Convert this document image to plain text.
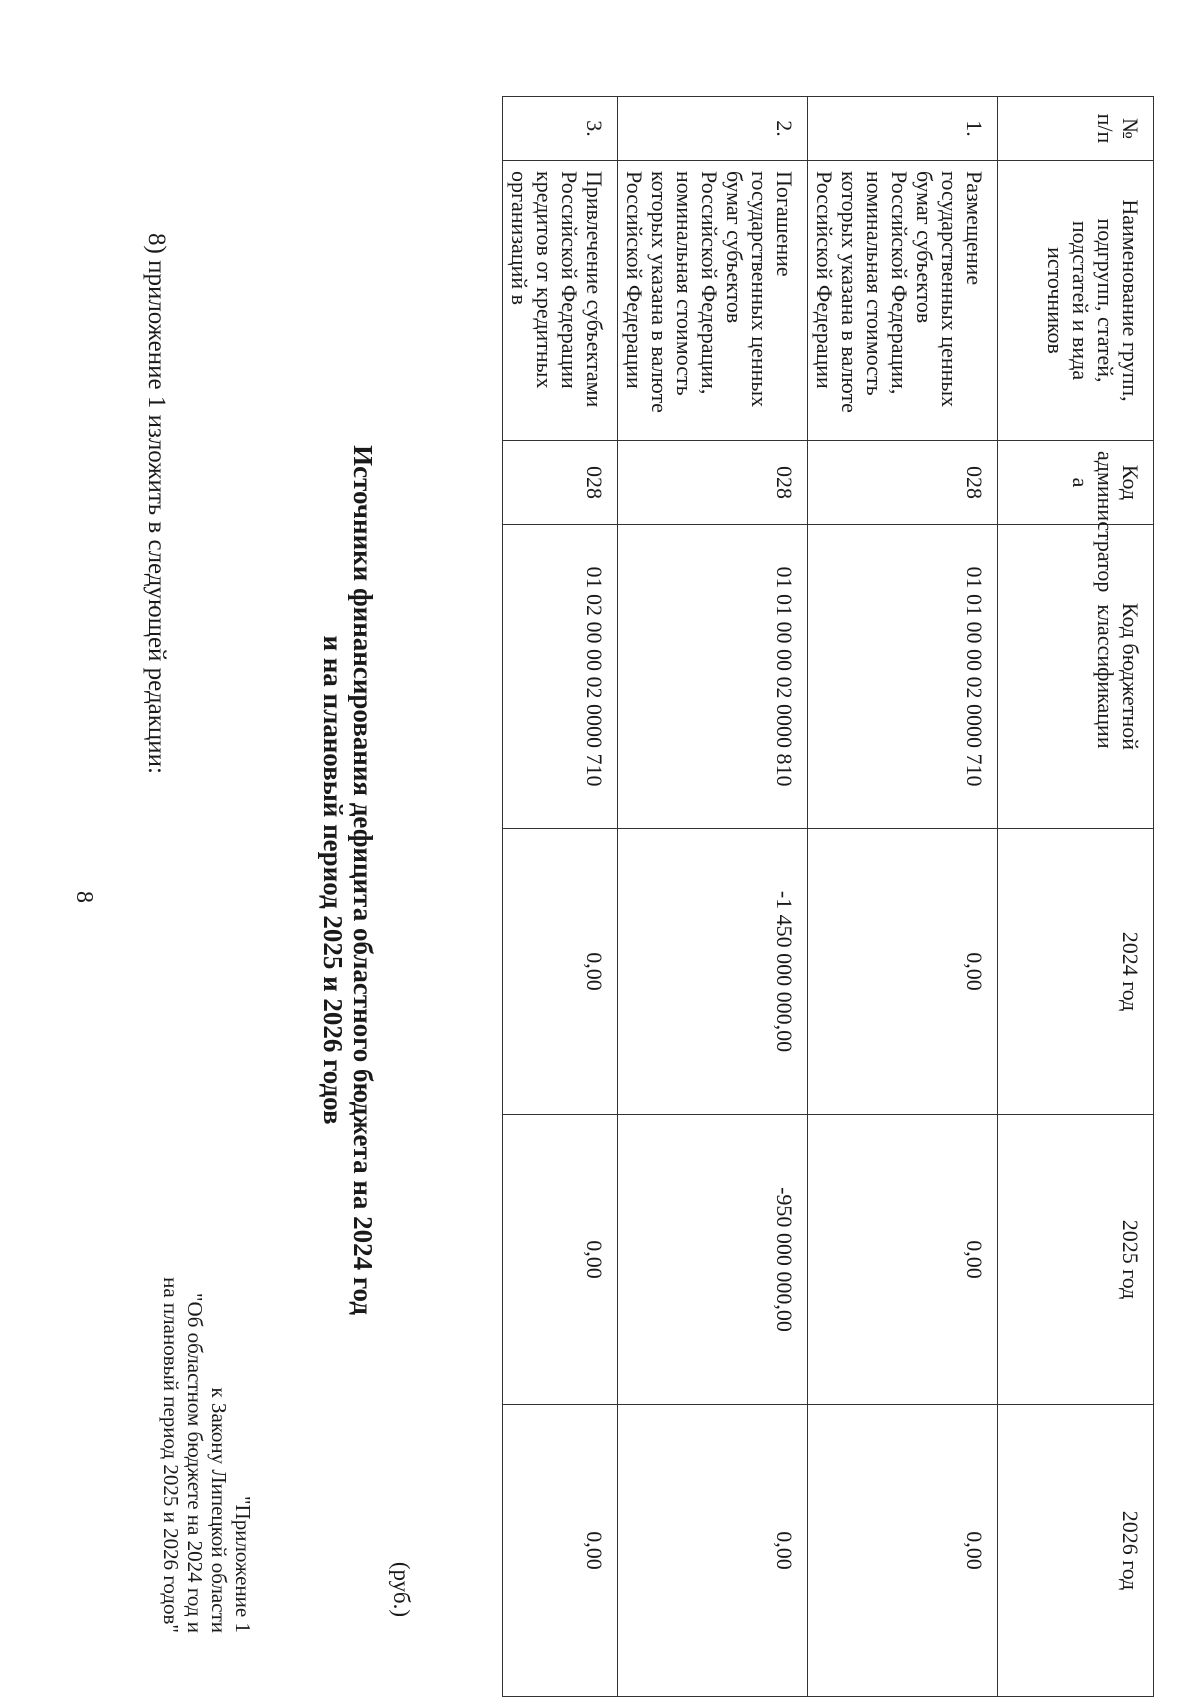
8
8) приложение 1 изложить в следующей редакции:
"Приложение 1
к Закону Липецкой области
"Об областном бюджете на 2024 год и
на плановый период 2025 и 2026 годов"
Источники финансирования дефицита областного бюджета на 2024 год
и на плановый период 2025 и 2026 годов
(руб.)
№ п/п	Наименование групп, подгрупп, статей, подстатей и вида источников	Код администратор а	Код бюджетной классификации	2024 год	2025 год	2026 год
1.	Размещение государственных ценных бумаг субъектов Российской Федерации, номинальная стоимость которых указана в валюте Российской Федерации	028	01 01 00 00 02 0000 710	0,00	0,00	0,00
2.	Погашение государственных ценных бумаг субъектов Российской Федерации, номинальная стоимость которых указана в валюте Российской Федерации	028	01 01 00 00 02 0000 810	-1 450 000 000,00	-950 000 000,00	0,00
3.	Привлечение субъектами Российской Федерации кредитов от кредитных организаций в	028	01 02 00 00 02 0000 710	0,00	0,00	0,00
